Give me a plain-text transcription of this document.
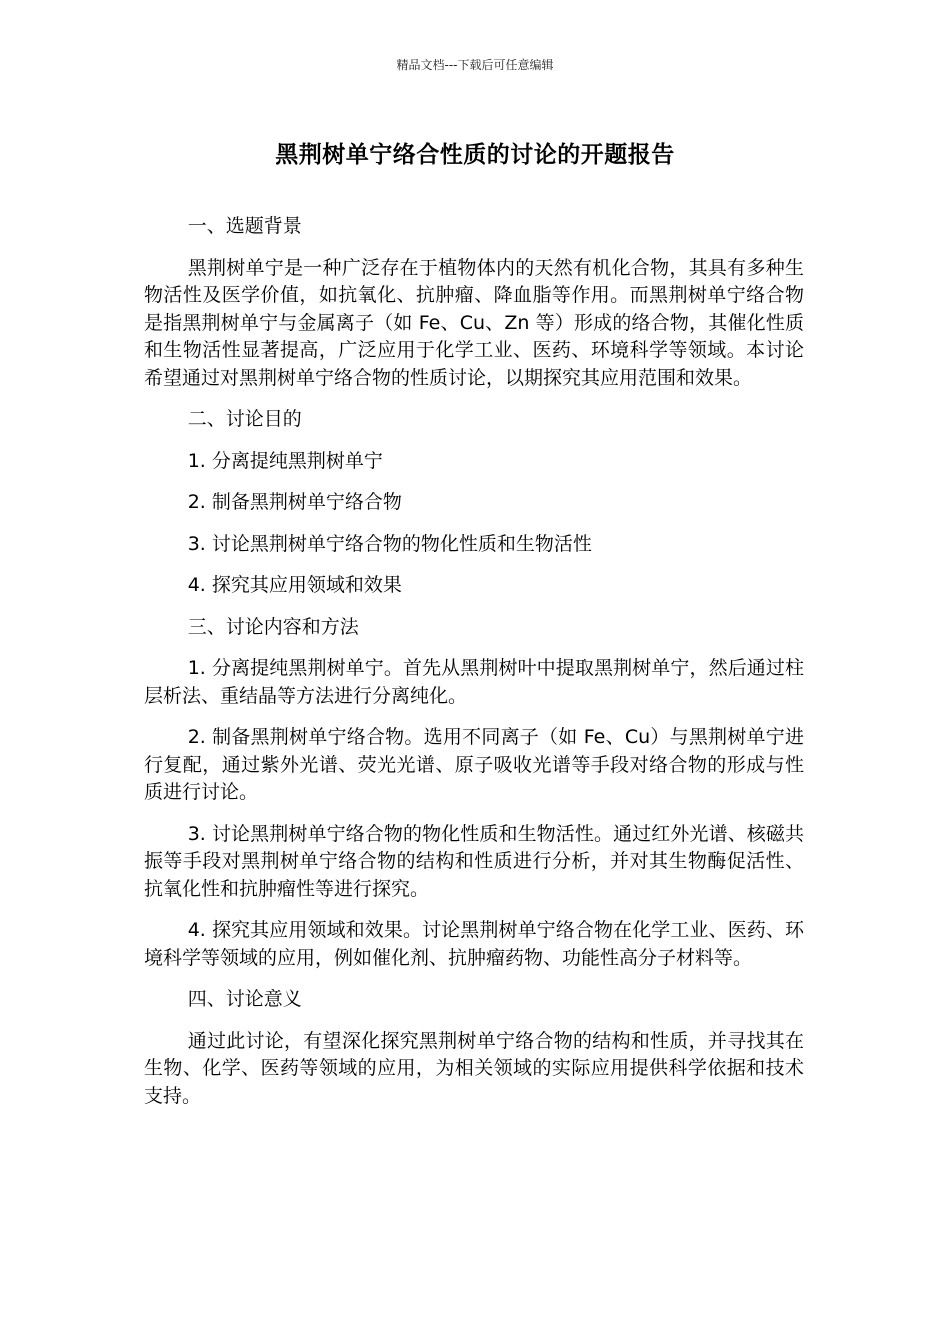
精品文档---下载后可任意编辑
黑荆树单宁络合性质的讨论的开题报告
一、选题背景
黑荆树单宁是一种广泛存在于植物体内的天然有机化合物，其具有多种生物活性及医学价值，如抗氧化、抗肿瘤、降血脂等作用。而黑荆树单宁络合物是指黑荆树单宁与金属离子（如 Fe、Cu、Zn 等）形成的络合物，其催化性质和生物活性显著提高，广泛应用于化学工业、医药、环境科学等领域。本讨论希望通过对黑荆树单宁络合物的性质讨论，以期探究其应用范围和效果。
二、讨论目的
1. 分离提纯黑荆树单宁
2. 制备黑荆树单宁络合物
3. 讨论黑荆树单宁络合物的物化性质和生物活性
4. 探究其应用领域和效果
三、讨论内容和方法
1. 分离提纯黑荆树单宁。首先从黑荆树叶中提取黑荆树单宁，然后通过柱层析法、重结晶等方法进行分离纯化。
2. 制备黑荆树单宁络合物。选用不同离子（如 Fe、Cu）与黑荆树单宁进行复配，通过紫外光谱、荧光光谱、原子吸收光谱等手段对络合物的形成与性质进行讨论。
3. 讨论黑荆树单宁络合物的物化性质和生物活性。通过红外光谱、核磁共振等手段对黑荆树单宁络合物的结构和性质进行分析，并对其生物酶促活性、抗氧化性和抗肿瘤性等进行探究。
4. 探究其应用领域和效果。讨论黑荆树单宁络合物在化学工业、医药、环境科学等领域的应用，例如催化剂、抗肿瘤药物、功能性高分子材料等。
四、讨论意义
通过此讨论，有望深化探究黑荆树单宁络合物的结构和性质，并寻找其在生物、化学、医药等领域的应用，为相关领域的实际应用提供科学依据和技术支持。
